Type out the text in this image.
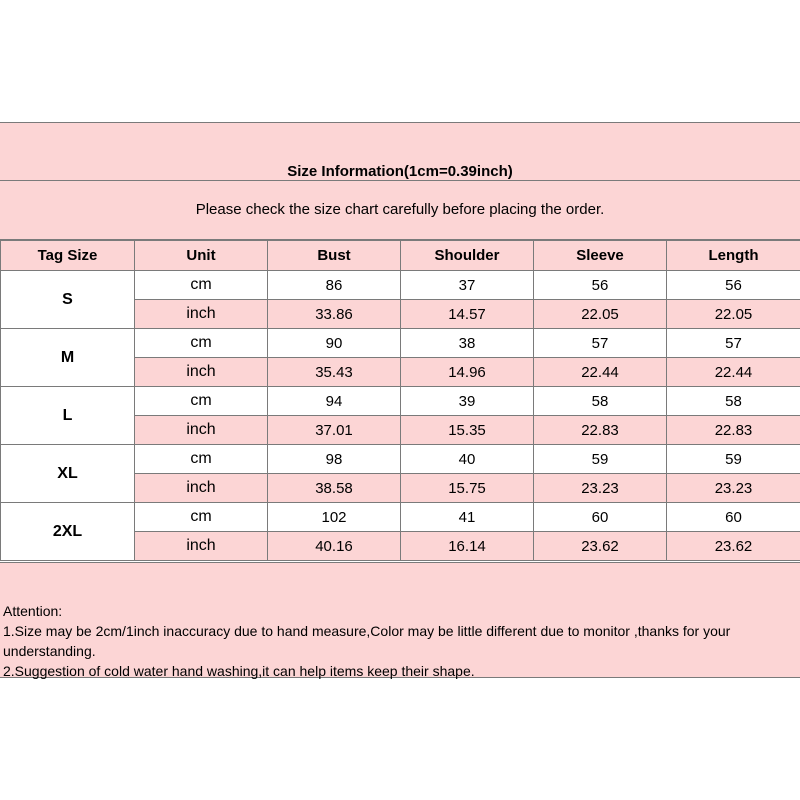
Size Information(1cm=0.39inch)
Please check the size chart carefully before placing the order.
Tag Size	Unit	Bust	Shoulder	Sleeve	Length
S	cm	86	37	56	56
	inch	33.86	14.57	22.05	22.05
M	cm	90	38	57	57
	inch	35.43	14.96	22.44	22.44
L	cm	94	39	58	58
	inch	37.01	15.35	22.83	22.83
XL	cm	98	40	59	59
	inch	38.58	15.75	23.23	23.23
2XL	cm	102	41	60	60
	inch	40.16	16.14	23.62	23.62
Attention:
1.Size may be 2cm/1inch inaccuracy due to hand measure,Color may be little different due to monitor ,thanks for your understanding.
2.Suggestion of cold water hand washing,it can help items keep their shape.
